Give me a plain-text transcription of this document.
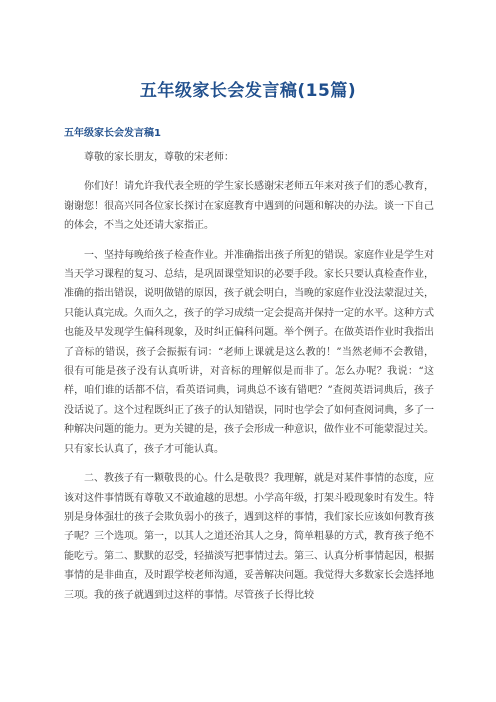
五年级家长会发言稿(15篇)
五年级家长会发言稿1

尊敬的家长朋友，尊敬的宋老师：

你们好！请允许我代表全班的学生家长感谢宋老师五年来对孩子们的悉心教育，谢谢您！很高兴同各位家长探讨在家庭教育中遇到的问题和解决的办法。谈一下自己的体会，不当之处还请大家指正。

一、坚持每晚给孩子检查作业。并准确指出孩子所犯的错误。家庭作业是学生对当天学习课程的复习、总结，是巩固课堂知识的必要手段。家长只要认真检查作业，准确的指出错误，说明做错的原因，孩子就会明白，当晚的家庭作业没法蒙混过关，只能认真完成。久而久之，孩子的学习成绩一定会提高并保持一定的水平。这种方式也能及早发现学生偏科现象，及时纠正偏科问题。举个例子。在做英语作业时我指出了音标的错误，孩子会振振有词：“老师上课就是这么教的！”当然老师不会教错，很有可能是孩子没有认真听讲，对音标的理解似是而非了。怎么办呢？我说：“这样，咱们谁的话都不信，看英语词典，词典总不该有错吧？”查阅英语词典后，孩子没话说了。这个过程既纠正了孩子的认知错误，同时也学会了如何查阅词典，多了一种解决问题的能力。更为关键的是，孩子会形成一种意识，做作业不可能蒙混过关。只有家长认真了，孩子才可能认真。

二、教孩子有一颗敬畏的心。什么是敬畏？我理解，就是对某件事情的态度，应该对这件事情既有尊敬又不敢逾越的思想。小学高年级，打架斗殴现象时有发生。特别是身体强壮的孩子会欺负弱小的孩子，遇到这样的事情，我们家长应该如何教育孩子呢？三个选项。第一，以其人之道还治其人之身，简单粗暴的方式，教育孩子绝不能吃亏。第二、默默的忍受，轻描淡写把事情过去。第三、认真分析事情起因，根据事情的是非曲直，及时跟学校老师沟通，妥善解决问题。我觉得大多数家长会选择地三项。我的孩子就遇到过这样的事情。尽管孩子长得比较
